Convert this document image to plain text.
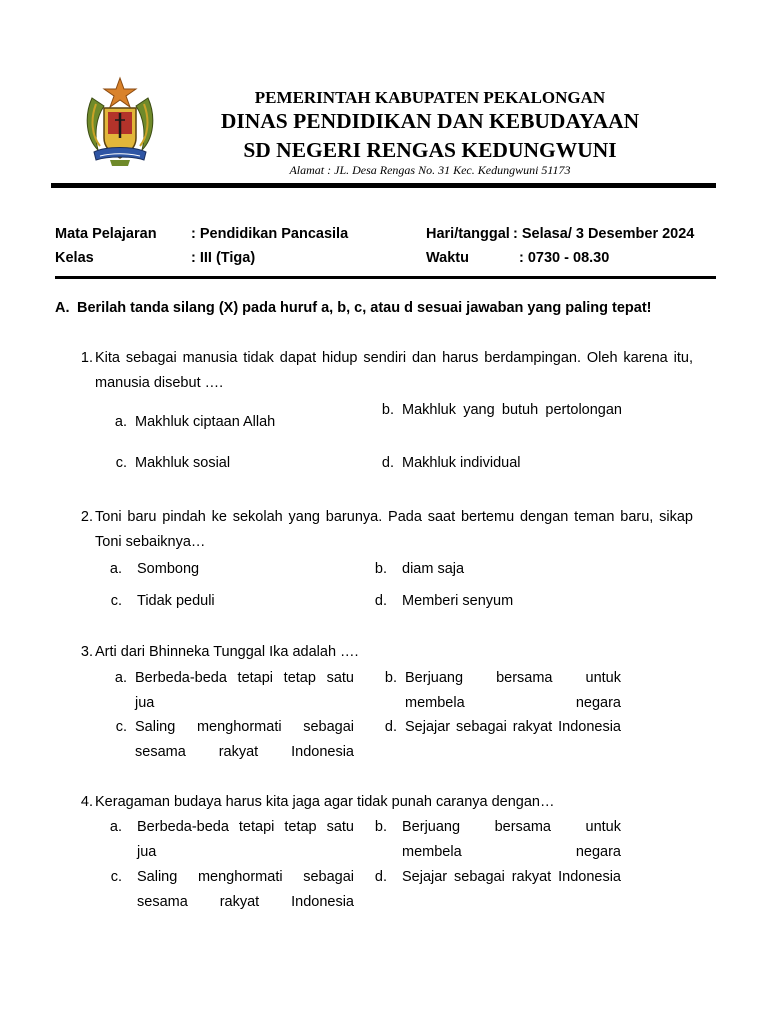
PEMERINTAH KABUPATEN PEKALONGAN
DINAS PENDIDIKAN DAN KEBUDAYAAN
SD NEGERI RENGAS KEDUNGWUNI
Alamat : JL. Desa Rengas No. 31 Kec. Kedungwuni 51173
Mata Pelajaran : Pendidikan Pancasila
Kelas	: III (Tiga)
Hari/tanggal : Selasa/ 3 Desember 2024
Waktu	: 0730 - 08.30
A. Berilah tanda silang (X) pada huruf a, b, c, atau d sesuai jawaban yang paling tepat!
1. Kita sebagai manusia tidak dapat hidup sendiri dan harus berdampingan. Oleh karena itu, manusia disebut ….
a. Makhluk ciptaan Allah
b. Makhluk yang butuh pertolongan
c. Makhluk sosial	d. Makhluk individual
2. Toni baru pindah ke sekolah yang barunya. Pada saat bertemu dengan teman baru, sikap Toni sebaiknya…
a. Sombong	b. diam saja
c. Tidak peduli	d. Memberi senyum
3. Arti dari Bhinneka Tunggal Ika adalah ….
a. Berbeda-beda tetapi tetap satu jua
b. Berjuang bersama untuk membela negara
c. Saling menghormati sebagai sesama rakyat Indonesia
d. Sejajar sebagai rakyat Indonesia
4. Keragaman budaya harus kita jaga agar tidak punah caranya dengan…
a. Berbeda-beda tetapi tetap satu jua
b. Berjuang bersama untuk membela negara
c. Saling menghormati sebagai sesama rakyat Indonesia
d. Sejajar sebagai rakyat Indonesia
